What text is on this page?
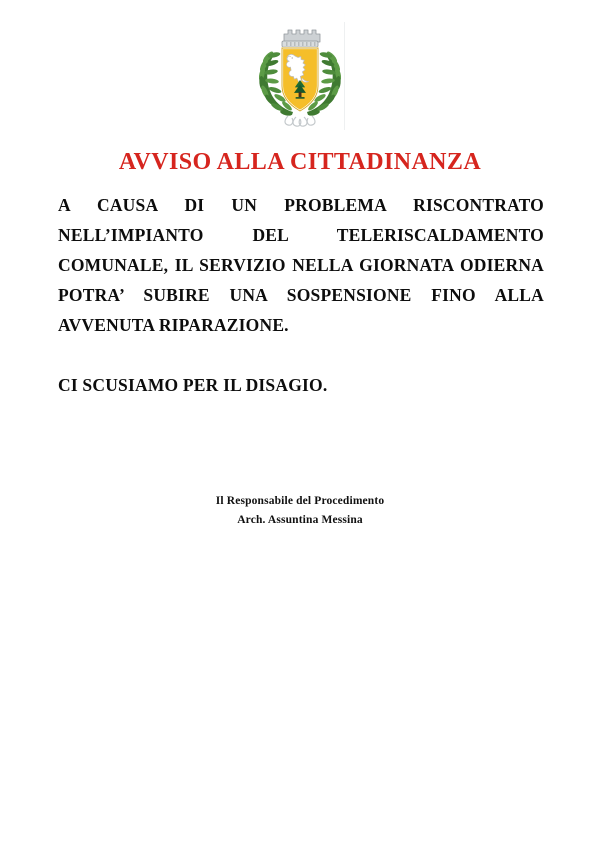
AVVISO ALLA CITTADINANZA

A CAUSA DI UN PROBLEMA RISCONTRATO NELL’IMPIANTO DEL TELERISCALDAMENTO COMUNALE, IL SERVIZIO NELLA GIORNATA ODIERNA POTRA’ SUBIRE UNA SOSPENSIONE FINO ALLA AVVENUTA RIPARAZIONE.

CI SCUSIAMO PER IL DISAGIO.

Il Responsabile del Procedimento
Arch. Assuntina Messina
